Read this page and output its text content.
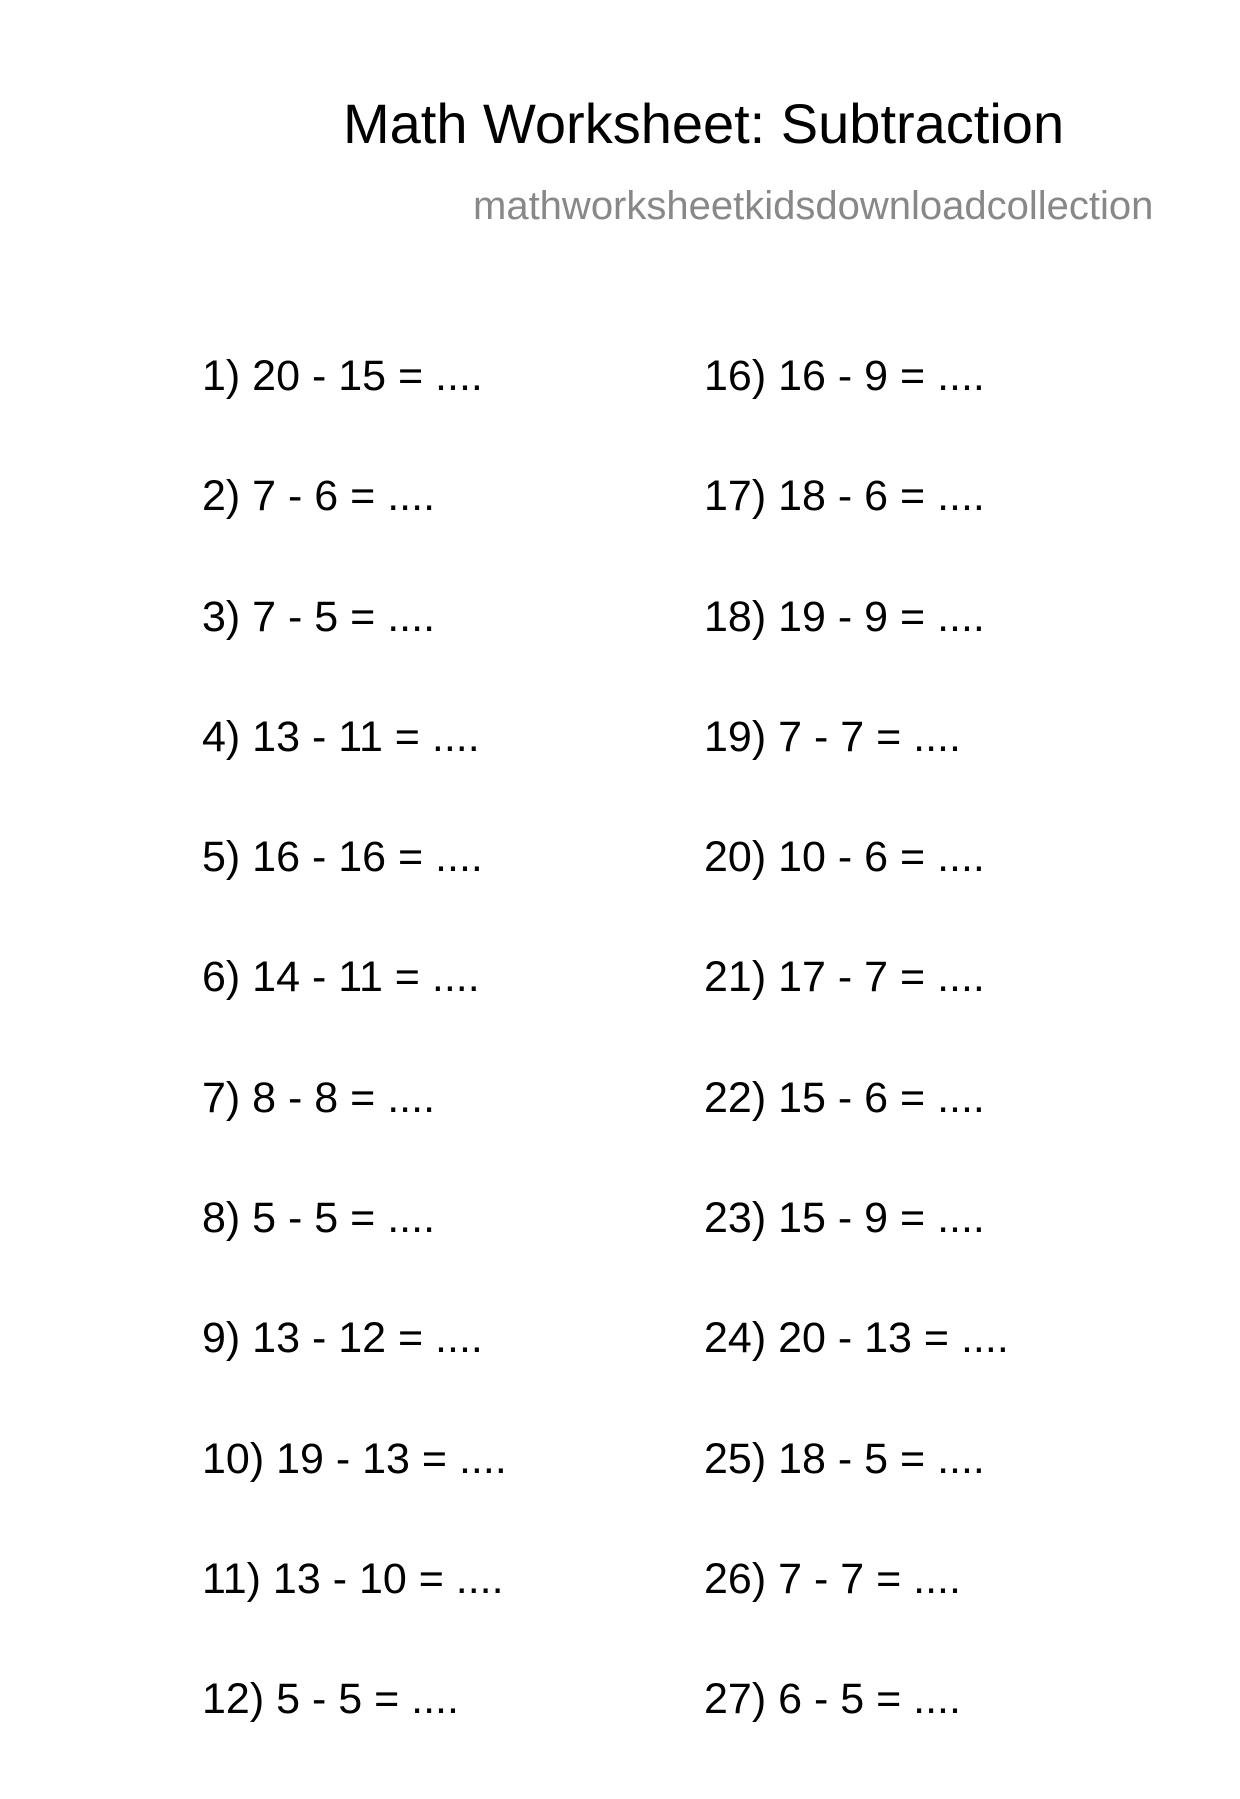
Math Worksheet: Subtraction
mathworksheetkidsdownloadcollection
1) 20 - 15 = ....
2) 7 - 6 = ....
3) 7 - 5 = ....
4) 13 - 11 = ....
5) 16 - 16 = ....
6) 14 - 11 = ....
7) 8 - 8 = ....
8) 5 - 5 = ....
9) 13 - 12 = ....
10) 19 - 13 = ....
11) 13 - 10 = ....
12) 5 - 5 = ....
16) 16 - 9 = ....
17) 18 - 6 = ....
18) 19 - 9 = ....
19) 7 - 7 = ....
20) 10 - 6 = ....
21) 17 - 7 = ....
22) 15 - 6 = ....
23) 15 - 9 = ....
24) 20 - 13 = ....
25) 18 - 5 = ....
26) 7 - 7 = ....
27) 6 - 5 = ....
